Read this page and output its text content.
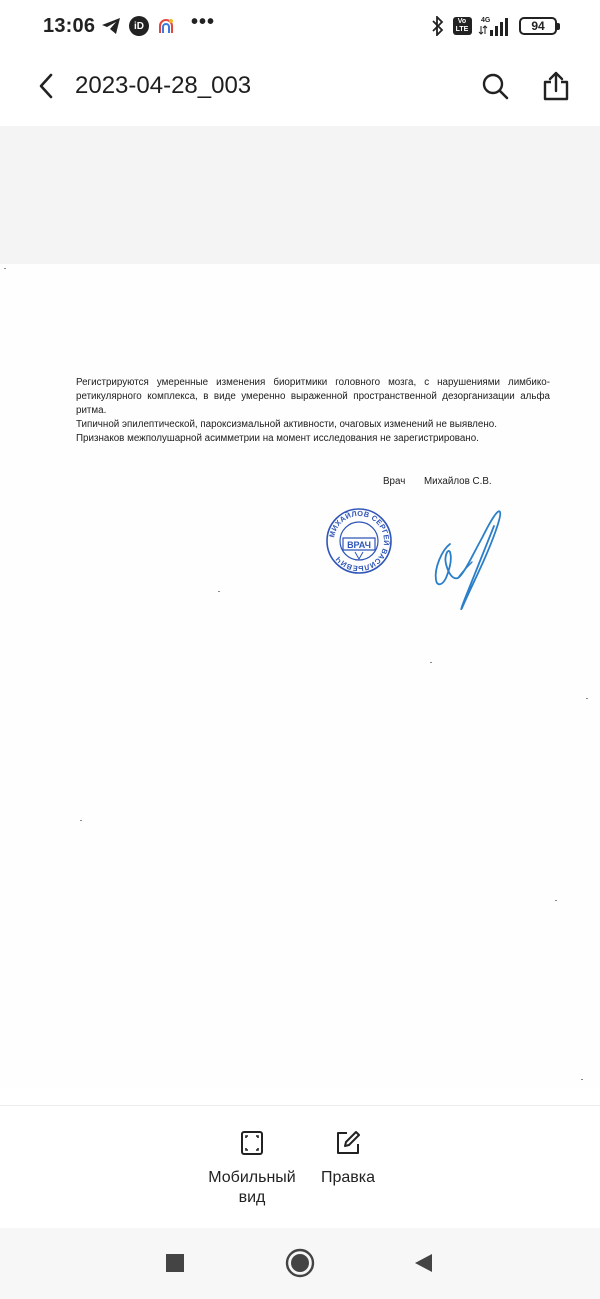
13:06	iD •••	Vo
LTE
4G	94
2023-04-28_003

Регистрируются умеренные изменения биоритмики головного мозга, с нарушениями лимбико-ретикулярного комплекса, в виде умеренно выраженной пространственной дезорганизации альфа ритма.

Типичной эпилептической, пароксизмальной активности, очаговых изменений не выявлено.

Признаков межполушарной асимметрии на момент исследования не зарегистрировано.

Врач Михайлов С.В.
МИХАЙЛОВ СЕРГЕЙ ВАСИЛЬЕВИЧ
ВРАЧ
Мобильный вид
Правка
